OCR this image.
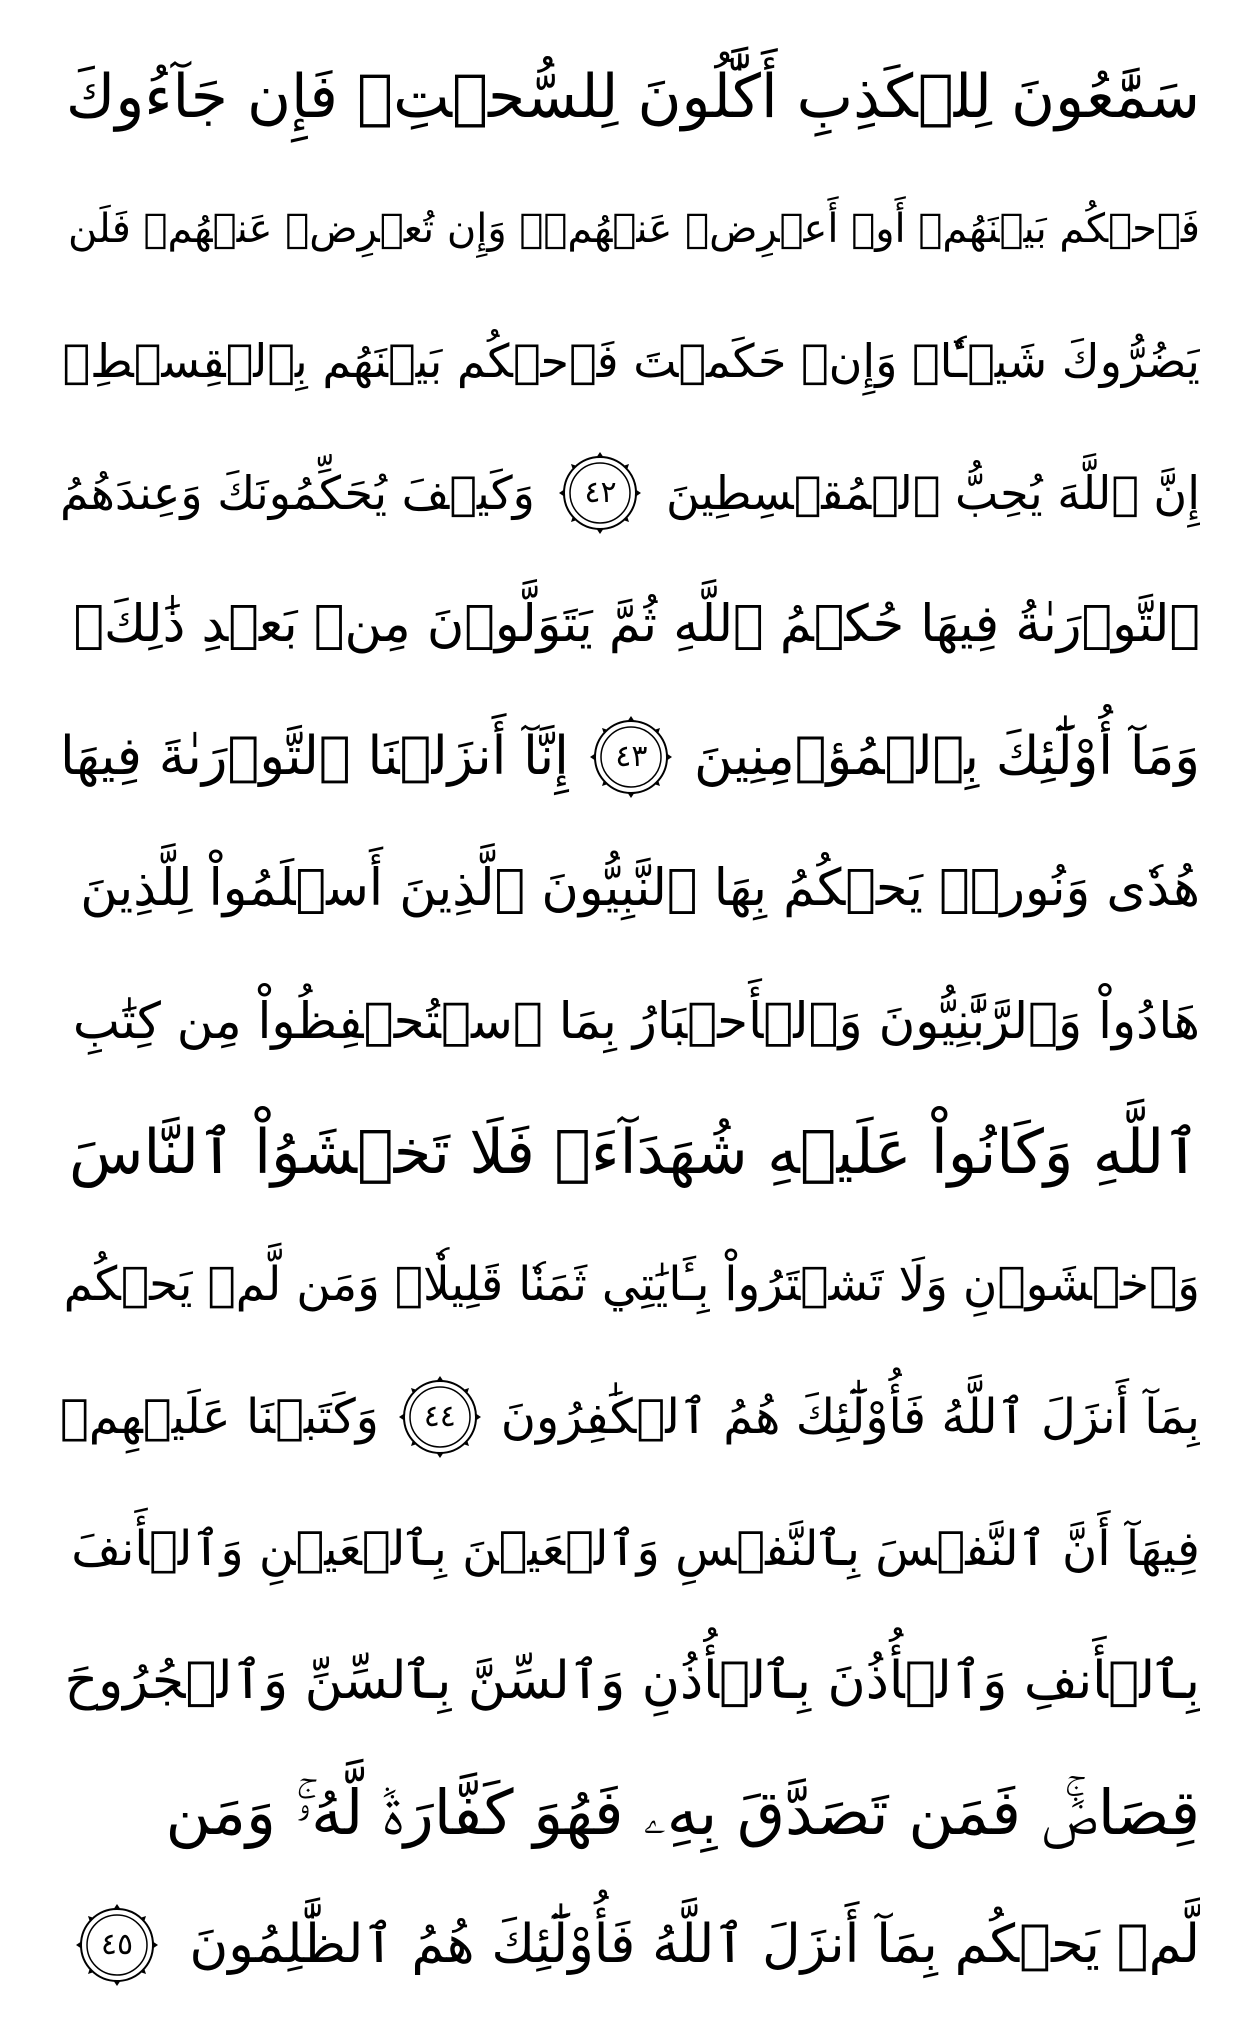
سَمَّٰعُونَ لِلۡكَذِبِ أَكَّٰلُونَ لِلسُّحۡتِۚ فَإِن جَآءُوكَ
فَٱحۡكُم بَيۡنَهُمۡ أَوۡ أَعۡرِضۡ عَنۡهُمۡۖ وَإِن تُعۡرِضۡ عَنۡهُمۡ فَلَن
يَضُرُّوكَ شَيۡـٔٗاۖ وَإِنۡ حَكَمۡتَ فَٱحۡكُم بَيۡنَهُم بِٱلۡقِسۡطِۚ
إِنَّ ٱللَّهَ يُحِبُّ ٱلۡمُقۡسِطِينَ
٤٢
وَكَيۡفَ يُحَكِّمُونَكَ وَعِندَهُمُ
ٱلتَّوۡرَىٰةُ فِيهَا حُكۡمُ ٱللَّهِ ثُمَّ يَتَوَلَّوۡنَ مِنۢ بَعۡدِ ذَٰلِكَۚ
وَمَآ أُوْلَٰٓئِكَ بِٱلۡمُؤۡمِنِينَ
٤٣
إِنَّآ أَنزَلۡنَا ٱلتَّوۡرَىٰةَ فِيهَا
هُدٗى وَنُورٞۚ يَحۡكُمُ بِهَا ٱلنَّبِيُّونَ ٱلَّذِينَ أَسۡلَمُواْ لِلَّذِينَ
هَادُواْ وَٱلرَّبَّٰنِيُّونَ وَٱلۡأَحۡبَارُ بِمَا ٱسۡتُحۡفِظُواْ مِن كِتَٰبِ
ٱللَّهِ وَكَانُواْ عَلَيۡهِ شُهَدَآءَۚ فَلَا تَخۡشَوُاْ ٱلنَّاسَ
وَٱخۡشَوۡنِ وَلَا تَشۡتَرُواْ بِـَٔايَٰتِي ثَمَنٗا قَلِيلٗاۚ وَمَن لَّمۡ يَحۡكُم
بِمَآ أَنزَلَ ٱللَّهُ فَأُوْلَٰٓئِكَ هُمُ ٱلۡكَٰفِرُونَ
٤٤
وَكَتَبۡنَا عَلَيۡهِمۡ
فِيهَآ أَنَّ ٱلنَّفۡسَ بِٱلنَّفۡسِ وَٱلۡعَيۡنَ بِٱلۡعَيۡنِ وَٱلۡأَنفَ
بِٱلۡأَنفِ وَٱلۡأُذُنَ بِٱلۡأُذُنِ وَٱلسِّنَّ بِٱلسِّنِّ وَٱلۡجُرُوحَ
قِصَاصٞۚ فَمَن تَصَدَّقَ بِهِۦ فَهُوَ كَفَّارَةٞ لَّهُۥۚ وَمَن
لَّمۡ يَحۡكُم بِمَآ أَنزَلَ ٱللَّهُ فَأُوْلَٰٓئِكَ هُمُ ٱلظَّٰلِمُونَ
٤٥
